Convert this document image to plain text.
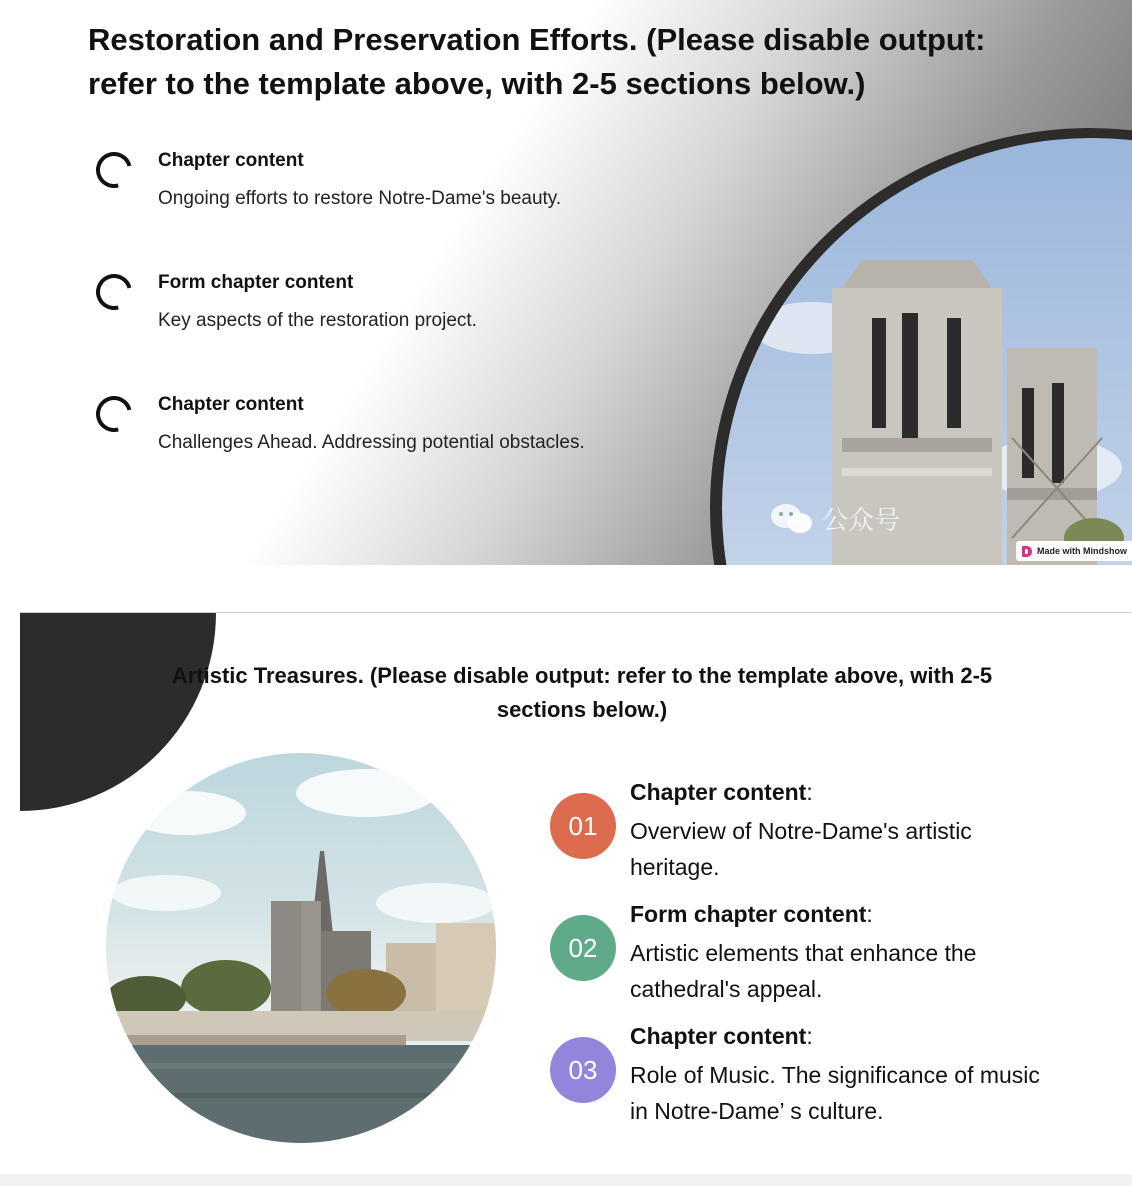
Restoration and Preservation Efforts. (Please disable output: refer to the template above, with 2-5 sections below.)
Chapter content
Ongoing efforts to restore Notre-Dame's beauty.
Form chapter content
Key aspects of the restoration project.
Chapter content
Challenges Ahead. Addressing potential obstacles.
公众号
Made with Mindshow
Artistic Treasures. (Please disable output: refer to the template above, with 2-5 sections below.)
01
Chapter content:
Overview of Notre-Dame's artistic heritage.
02
Form chapter content:
Artistic elements that enhance the cathedral's appeal.
03
Chapter content:
Role of Music. The significance of music in Notre-Dame’ s culture.
